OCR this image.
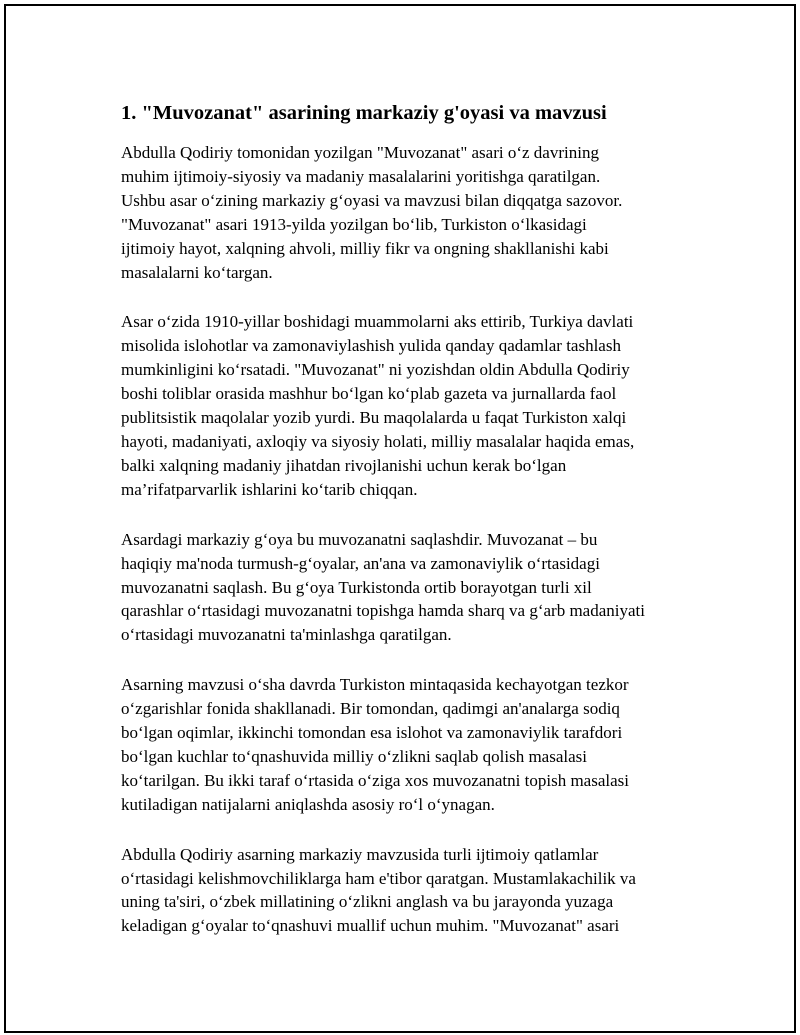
1. "Muvozanat" asarining markaziy g'oyasi va mavzusi

Abdulla Qodiriy tomonidan yozilgan "Muvozanat" asari o‘z davrining
muhim ijtimoiy-siyosiy va madaniy masalalarini yoritishga qaratilgan.
Ushbu asar o‘zining markaziy g‘oyasi va mavzusi bilan diqqatga sazovor.
"Muvozanat" asari 1913-yilda yozilgan bo‘lib, Turkiston o‘lkasidagi
ijtimoiy hayot, xalqning ahvoli, milliy fikr va ongning shakllanishi kabi
masalalarni ko‘targan.

Asar o‘zida 1910-yillar boshidagi muammolarni aks ettirib, Turkiya davlati
misolida islohotlar va zamonaviylashish yulida qanday qadamlar tashlash
mumkinligini ko‘rsatadi. "Muvozanat" ni yozishdan oldin Abdulla Qodiriy
boshi toliblar orasida mashhur bo‘lgan ko‘plab gazeta va jurnallarda faol
publitsistik maqolalar yozib yurdi. Bu maqolalarda u faqat Turkiston xalqi
hayoti, madaniyati, axloqiy va siyosiy holati, milliy masalalar haqida emas,
balki xalqning madaniy jihatdan rivojlanishi uchun kerak bo‘lgan
ma’rifatparvarlik ishlarini ko‘tarib chiqqan.

Asardagi markaziy g‘oya bu muvozanatni saqlashdir. Muvozanat – bu
haqiqiy ma'noda turmush-g‘oyalar, an'ana va zamonaviylik o‘rtasidagi
muvozanatni saqlash. Bu g‘oya Turkistonda ortib borayotgan turli xil
qarashlar o‘rtasidagi muvozanatni topishga hamda sharq va g‘arb madaniyati
o‘rtasidagi muvozanatni ta'minlashga qaratilgan.

Asarning mavzusi o‘sha davrda Turkiston mintaqasida kechayotgan tezkor
o‘zgarishlar fonida shakllanadi. Bir tomondan, qadimgi an'analarga sodiq
bo‘lgan oqimlar, ikkinchi tomondan esa islohot va zamonaviylik tarafdori
bo‘lgan kuchlar to‘qnashuvida milliy o‘zlikni saqlab qolish masalasi
ko‘tarilgan. Bu ikki taraf o‘rtasida o‘ziga xos muvozanatni topish masalasi
kutiladigan natijalarni aniqlashda asosiy ro‘l o‘ynagan.

Abdulla Qodiriy asarning markaziy mavzusida turli ijtimoiy qatlamlar
o‘rtasidagi kelishmovchiliklarga ham e'tibor qaratgan. Mustamlakachilik va
uning ta'siri, o‘zbek millatining o‘zlikni anglash va bu jarayonda yuzaga
keladigan g‘oyalar to‘qnashuvi muallif uchun muhim. "Muvozanat" asari
